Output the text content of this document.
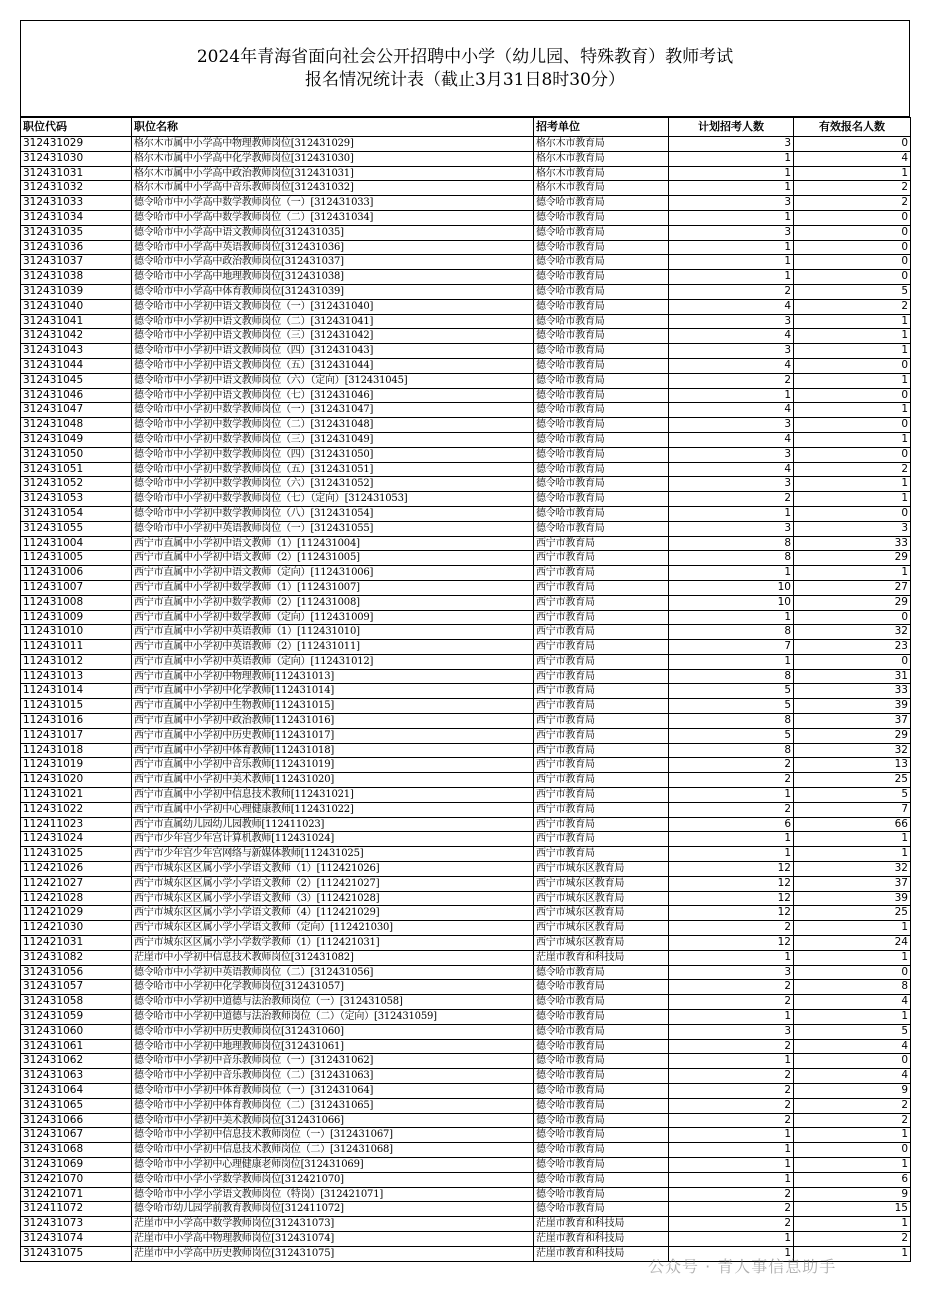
2024年青海省面向社会公开招聘中小学（幼儿园、特殊教育）教师考试
报名情况统计表（截止3月31日8时30分）
职位代码	职位名称	招考单位	计划招考人数	有效报名人数
312431029	格尔木市属中小学高中物理教师岗位[312431029]	格尔木市教育局	3	0
312431030	格尔木市属中小学高中化学教师岗位[312431030]	格尔木市教育局	1	4
312431031	格尔木市属中小学高中政治教师岗位[312431031]	格尔木市教育局	1	1
312431032	格尔木市属中小学高中音乐教师岗位[312431032]	格尔木市教育局	1	2
312431033	德令哈市中小学高中数学教师岗位（一）[312431033]	德令哈市教育局	3	2
312431034	德令哈市中小学高中数学教师岗位（二）[312431034]	德令哈市教育局	1	0
312431035	德令哈市中小学高中语文教师岗位[312431035]	德令哈市教育局	3	0
312431036	德令哈市中小学高中英语教师岗位[312431036]	德令哈市教育局	1	0
312431037	德令哈市中小学高中政治教师岗位[312431037]	德令哈市教育局	1	0
312431038	德令哈市中小学高中地理教师岗位[312431038]	德令哈市教育局	1	0
312431039	德令哈市中小学高中体育教师岗位[312431039]	德令哈市教育局	2	5
312431040	德令哈市中小学初中语文教师岗位（一）[312431040]	德令哈市教育局	4	2
312431041	德令哈市中小学初中语文教师岗位（二）[312431041]	德令哈市教育局	3	1
312431042	德令哈市中小学初中语文教师岗位（三）[312431042]	德令哈市教育局	4	1
312431043	德令哈市中小学初中语文教师岗位（四）[312431043]	德令哈市教育局	3	1
312431044	德令哈市中小学初中语文教师岗位（五）[312431044]	德令哈市教育局	4	0
312431045	德令哈市中小学初中语文教师岗位（六）（定向）[312431045]	德令哈市教育局	2	1
312431046	德令哈市中小学初中语文教师岗位（七）[312431046]	德令哈市教育局	1	0
312431047	德令哈市中小学初中数学教师岗位（一）[312431047]	德令哈市教育局	4	1
312431048	德令哈市中小学初中数学教师岗位（二）[312431048]	德令哈市教育局	3	0
312431049	德令哈市中小学初中数学教师岗位（三）[312431049]	德令哈市教育局	4	1
312431050	德令哈市中小学初中数学教师岗位（四）[312431050]	德令哈市教育局	3	0
312431051	德令哈市中小学初中数学教师岗位（五）[312431051]	德令哈市教育局	4	2
312431052	德令哈市中小学初中数学教师岗位（六）[312431052]	德令哈市教育局	3	1
312431053	德令哈市中小学初中数学教师岗位（七）（定向）[312431053]	德令哈市教育局	2	1
312431054	德令哈市中小学初中数学教师岗位（八）[312431054]	德令哈市教育局	1	0
312431055	德令哈市中小学初中英语教师岗位（一）[312431055]	德令哈市教育局	3	3
112431004	西宁市直属中小学初中语文教师（1）[112431004]	西宁市教育局	8	33
112431005	西宁市直属中小学初中语文教师（2）[112431005]	西宁市教育局	8	29
112431006	西宁市直属中小学初中语文教师（定向）[112431006]	西宁市教育局	1	1
112431007	西宁市直属中小学初中数学教师（1）[112431007]	西宁市教育局	10	27
112431008	西宁市直属中小学初中数学教师（2）[112431008]	西宁市教育局	10	29
112431009	西宁市直属中小学初中数学教师（定向）[112431009]	西宁市教育局	1	0
112431010	西宁市直属中小学初中英语教师（1）[112431010]	西宁市教育局	8	32
112431011	西宁市直属中小学初中英语教师（2）[112431011]	西宁市教育局	7	23
112431012	西宁市直属中小学初中英语教师（定向）[112431012]	西宁市教育局	1	0
112431013	西宁市直属中小学初中物理教师[112431013]	西宁市教育局	8	31
112431014	西宁市直属中小学初中化学教师[112431014]	西宁市教育局	5	33
112431015	西宁市直属中小学初中生物教师[112431015]	西宁市教育局	5	39
112431016	西宁市直属中小学初中政治教师[112431016]	西宁市教育局	8	37
112431017	西宁市直属中小学初中历史教师[112431017]	西宁市教育局	5	29
112431018	西宁市直属中小学初中体育教师[112431018]	西宁市教育局	8	32
112431019	西宁市直属中小学初中音乐教师[112431019]	西宁市教育局	2	13
112431020	西宁市直属中小学初中美术教师[112431020]	西宁市教育局	2	25
112431021	西宁市直属中小学初中信息技术教师[112431021]	西宁市教育局	1	5
112431022	西宁市直属中小学初中心理健康教师[112431022]	西宁市教育局	2	7
112411023	西宁市直属幼儿园幼儿园教师[112411023]	西宁市教育局	6	66
112431024	西宁市少年宫少年宫计算机教师[112431024]	西宁市教育局	1	1
112431025	西宁市少年宫少年宫网络与新媒体教师[112431025]	西宁市教育局	1	1
112421026	西宁市城东区区属小学小学语文教师（1）[112421026]	西宁市城东区教育局	12	32
112421027	西宁市城东区区属小学小学语文教师（2）[112421027]	西宁市城东区教育局	12	37
112421028	西宁市城东区区属小学小学语文教师（3）[112421028]	西宁市城东区教育局	12	39
112421029	西宁市城东区区属小学小学语文教师（4）[112421029]	西宁市城东区教育局	12	25
112421030	西宁市城东区区属小学小学语文教师（定向）[112421030]	西宁市城东区教育局	2	1
112421031	西宁市城东区区属小学小学数学教师（1）[112421031]	西宁市城东区教育局	12	24
312431082	茫崖市中小学初中信息技术教师岗位[312431082]	茫崖市教育和科技局	1	1
312431056	德令哈市中小学初中英语教师岗位（二）[312431056]	德令哈市教育局	3	0
312431057	德令哈市中小学初中化学教师岗位[312431057]	德令哈市教育局	2	8
312431058	德令哈市中小学初中道德与法治教师岗位（一）[312431058]	德令哈市教育局	2	4
312431059	德令哈市中小学初中道德与法治教师岗位（二）（定向）[312431059]	德令哈市教育局	1	1
312431060	德令哈市中小学初中历史教师岗位[312431060]	德令哈市教育局	3	5
312431061	德令哈市中小学初中地理教师岗位[312431061]	德令哈市教育局	2	4
312431062	德令哈市中小学初中音乐教师岗位（一）[312431062]	德令哈市教育局	1	0
312431063	德令哈市中小学初中音乐教师岗位（二）[312431063]	德令哈市教育局	2	4
312431064	德令哈市中小学初中体育教师岗位（一）[312431064]	德令哈市教育局	2	9
312431065	德令哈市中小学初中体育教师岗位（二）[312431065]	德令哈市教育局	2	2
312431066	德令哈市中小学初中美术教师岗位[312431066]	德令哈市教育局	2	2
312431067	德令哈市中小学初中信息技术教师岗位（一）[312431067]	德令哈市教育局	1	1
312431068	德令哈市中小学初中信息技术教师岗位（二）[312431068]	德令哈市教育局	1	0
312431069	德令哈市中小学初中心理健康老师岗位[312431069]	德令哈市教育局	1	1
312421070	德令哈市中小学小学数学教师岗位[312421070]	德令哈市教育局	1	6
312421071	德令哈市中小学小学语文教师岗位（特岗）[312421071]	德令哈市教育局	2	9
312411072	德令哈市幼儿园学前教育教师岗位[312411072]	德令哈市教育局	2	15
312431073	茫崖市中小学高中数学教师岗位[312431073]	茫崖市教育和科技局	2	1
312431074	茫崖市中小学高中物理教师岗位[312431074]	茫崖市教育和科技局	1	2
312431075	茫崖市中小学高中历史教师岗位[312431075]	茫崖市教育和科技局	1	1
公众号 · 青人事信息助手
